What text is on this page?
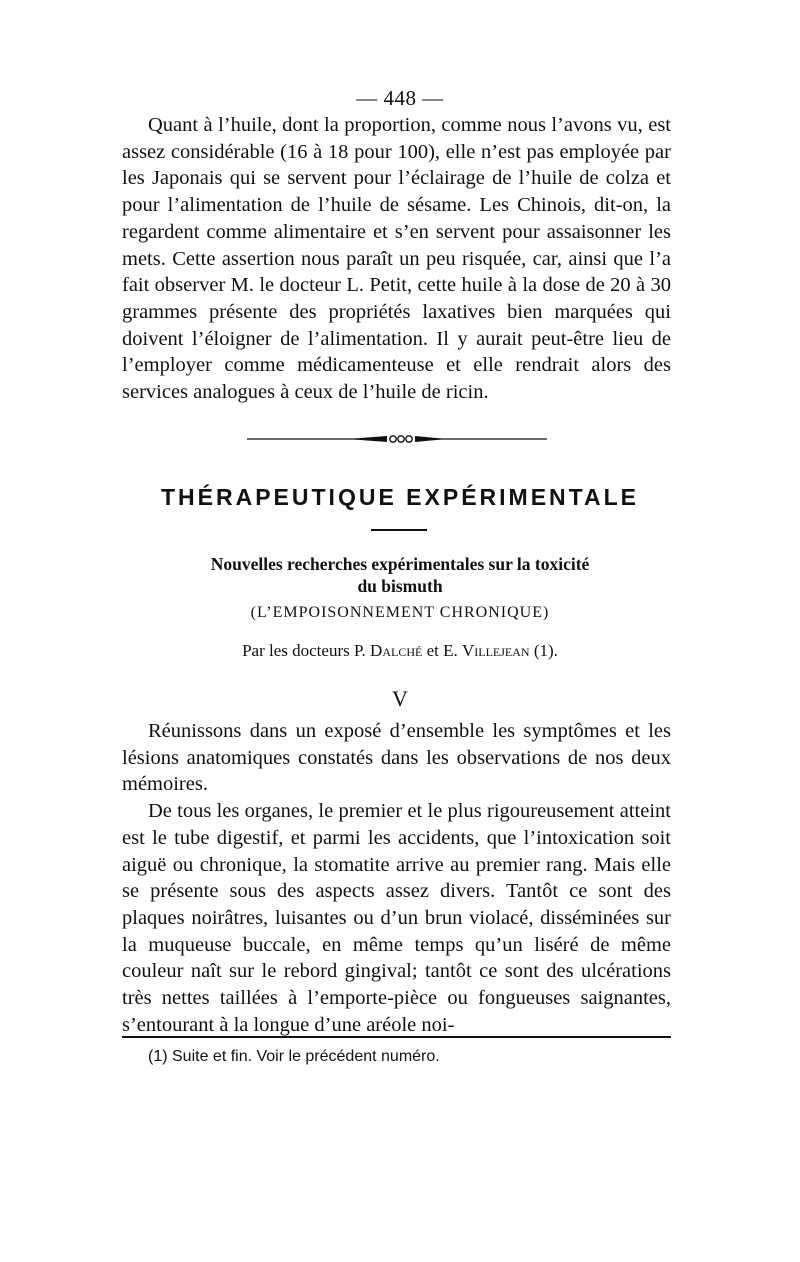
— 448 —

Quant à l’huile, dont la proportion, comme nous l’avons vu, est assez considérable (16 à 18 pour 100), elle n’est pas employée par les Japonais qui se servent pour l’éclairage de l’huile de colza et pour l’alimentation de l’huile de sésame. Les Chinois, dit-on, la regardent comme alimentaire et s’en servent pour assaisonner les mets. Cette assertion nous paraît un peu risquée, car, ainsi que l’a fait observer M. le docteur L. Petit, cette huile à la dose de 20 à 30 grammes présente des propriétés laxatives bien marquées qui doivent l’éloigner de l’alimentation. Il y aurait peut-être lieu de l’employer comme médicamenteuse et elle rendrait alors des services analogues à ceux de l’huile de ricin.

THÉRAPEUTIQUE EXPÉRIMENTALE
Nouvelles recherches expérimentales sur la toxicité
du bismuth
(L’EMPOISONNEMENT CHRONIQUE)
Par les docteurs P. Dalché et E. Villejean (1).
V

Réunissons dans un exposé d’ensemble les symptômes et les lésions anatomiques constatés dans les observations de nos deux mémoires.

De tous les organes, le premier et le plus rigoureusement atteint est le tube digestif, et parmi les accidents, que l’intoxication soit aiguë ou chronique, la stomatite arrive au premier rang. Mais elle se présente sous des aspects assez divers. Tantôt ce sont des plaques noirâtres, luisantes ou d’un brun violacé, disséminées sur la muqueuse buccale, en même temps qu’un liséré de même couleur naît sur le rebord gingival; tantôt ce sont des ulcérations très nettes taillées à l’emporte-pièce ou fongueuses saignantes, s’entourant à la longue d’une aréole noi-

(1) Suite et fin. Voir le précédent numéro.
